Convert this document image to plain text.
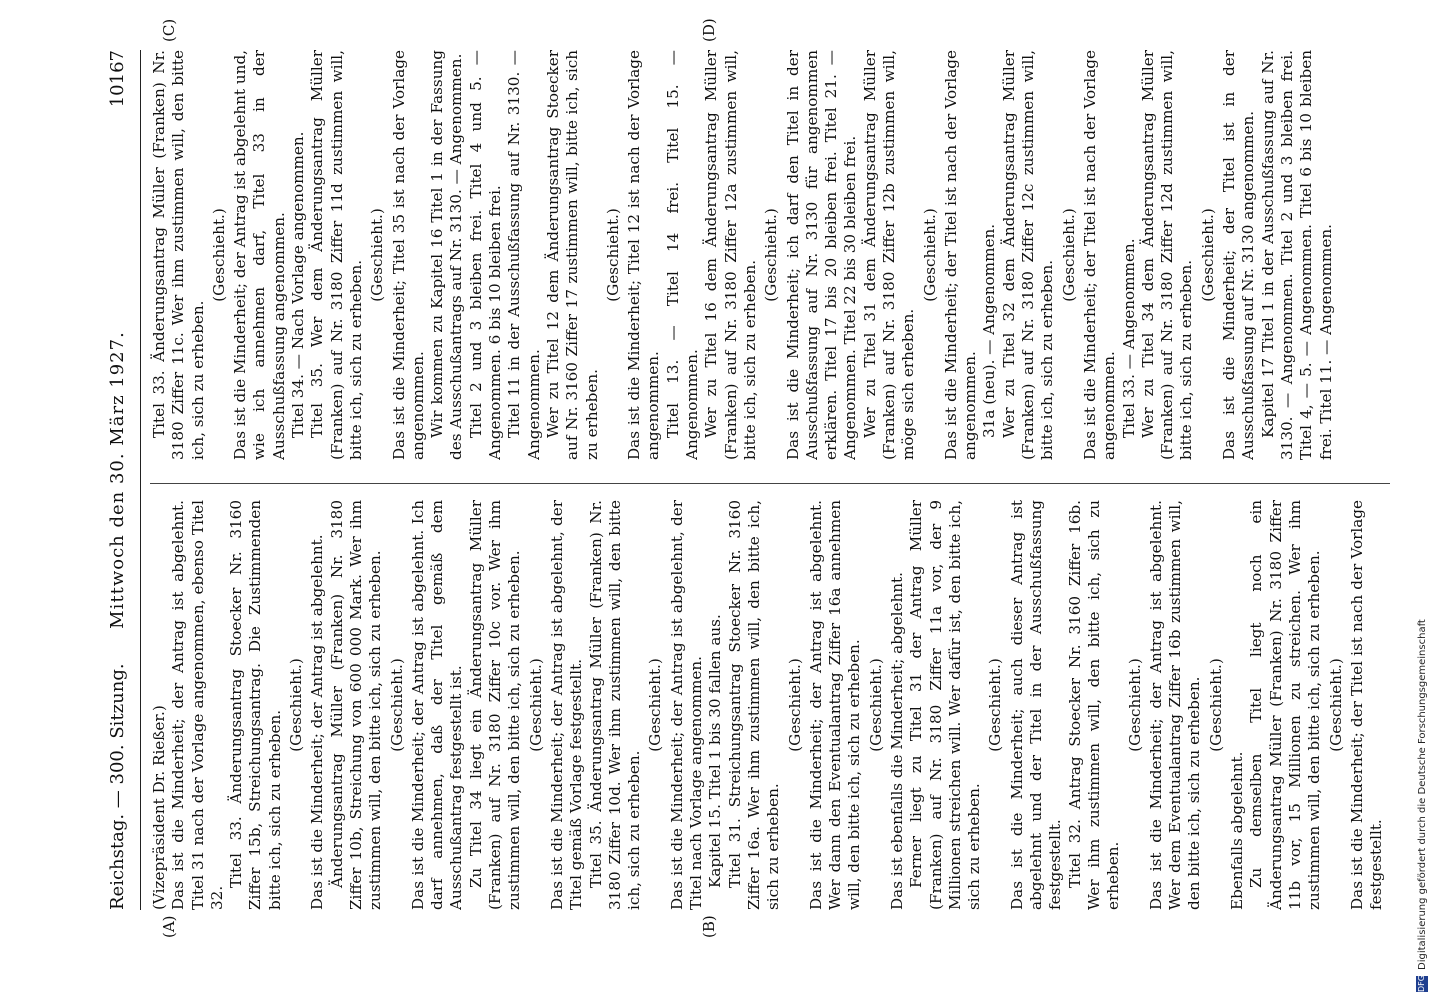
Reichstag. — 300. Sitzung.
Mittwoch den 30. März 1927.
10167
(A)	(B)
(C)	(D)

(Vizepräsident Dr. Rießer.) Das ist die Minderheit; der Antrag ist abgelehnt. Titel 31 nach der Vorlage angenommen, ebenso Titel 32.

Titel 33. Änderungsantrag Stoecker Nr. 3160 Ziffer 15b, Streichungsantrag. Die Zustimmenden bitte ich, sich zu erheben.

(Geschieht.) Das ist die Minderheit; der Antrag ist abgelehnt. Änderungsantrag Müller (Franken) Nr. 3180 Ziffer 10b, Streichung von 600 000 Mark. Wer ihm zustimmen will, den bitte ich, sich zu erheben. (Geschieht.) Das ist die Minderheit; der Antrag ist abgelehnt. Ich darf annehmen, daß der Titel gemäß dem Ausschußantrag festgestellt ist. Zu Titel 34 liegt ein Änderungsantrag Müller (Franken) auf Nr. 3180 Ziffer 10c vor. Wer ihm zustimmen will, den bitte ich, sich zu erheben. (Geschieht.) Das ist die Minderheit; der Antrag ist abgelehnt, der Titel gemäß Vorlage festgestellt. Titel 35. Änderungsantrag Müller (Franken) Nr. 3180 Ziffer 10d. Wer ihm zustimmen will, den bitte ich, sich zu erheben.

(Geschieht.) Das ist die Minderheit; der Antrag ist abgelehnt, der Titel nach Vorlage angenommen. Kapitel 15. Titel 1 bis 30 fallen aus. Titel 31. Streichungsantrag Stoecker Nr. 3160 Ziffer 16a. Wer ihm zustimmen will, den bitte ich, sich zu erheben.

(Geschieht.) Das ist die Minderheit; der Antrag ist abgelehnt. Wer dann den Eventualantrag Ziffer 16a annehmen will, den bitte ich, sich zu erheben. (Geschieht.) Das ist ebenfalls die Minderheit; abgelehnt. Ferner liegt zu Titel 31 der Antrag Müller (Franken) auf Nr. 3180 Ziffer 11a vor, der 9 Millionen streichen will. Wer dafür ist, den bitte ich, sich zu erheben.

(Geschieht.) Das ist die Minderheit; auch dieser Antrag ist abgelehnt und der Titel in der Ausschußfassung festgestellt. Titel 32. Antrag Stoecker Nr. 3160 Ziffer 16b. Wer ihm zustimmen will, den bitte ich, sich zu erheben.

(Geschieht.) Das ist die Minderheit; der Antrag ist abgelehnt. Wer dem Eventualantrag Ziffer 16b zustimmen will, den bitte ich, sich zu erheben. (Geschieht.)

Ebenfalls abgelehnt. Zu demselben Titel liegt noch ein Änderungsantrag Müller (Franken) Nr. 3180 Ziffer 11b vor, 15 Millionen zu streichen. Wer ihm zustimmen will, den bitte ich, sich zu erheben. (Geschieht.) Das ist die Minderheit; der Titel ist nach der Vorlage festgestellt.

Titel 33. Änderungsantrag Müller (Franken) Nr. 3180 Ziffer 11c. Wer ihm zustimmen will, den bitte ich, sich zu erheben.

(Geschieht.) Das ist die Minderheit; der Antrag ist abgelehnt und, wie ich annehmen darf, Titel 33 in der Ausschußfassung angenommen. Titel 34. — Nach Vorlage angenommen. Titel 35. Wer dem Änderungsantrag Müller (Franken) auf Nr. 3180 Ziffer 11d zustimmen will, bitte ich, sich zu erheben.

(Geschieht.) Das ist die Minderheit; Titel 35 ist nach der Vorlage angenommen. Wir kommen zu Kapitel 16 Titel 1 in der Fassung des Ausschußantrags auf Nr. 3130. — Angenommen. Titel 2 und 3 bleiben frei. Titel 4 und 5. — Angenommen. 6 bis 10 bleiben frei. Titel 11 in der Ausschußfassung auf Nr. 3130. — Angenommen. Wer zu Titel 12 dem Änderungsantrag Stoecker auf Nr. 3160 Ziffer 17 zustimmen will, bitte ich, sich zu erheben.

(Geschieht.) Das ist die Minderheit; Titel 12 ist nach der Vorlage angenommen. Titel 13. — Titel 14 frei. Titel 15. — Angenommen. Wer zu Titel 16 dem Änderungsantrag Müller (Franken) auf Nr. 3180 Ziffer 12a zustimmen will, bitte ich, sich zu erheben.

(Geschieht.) Das ist die Minderheit; ich darf den Titel in der Ausschußfassung auf Nr. 3130 für angenommen erklären. Titel 17 bis 20 bleiben frei. Titel 21. — Angenommen. Titel 22 bis 30 bleiben frei. Wer zu Titel 31 dem Änderungsantrag Müller (Franken) auf Nr. 3180 Ziffer 12b zustimmen will, möge sich erheben.

(Geschieht.) Das ist die Minderheit; der Titel ist nach der Vorlage angenommen. 31a (neu). — Angenommen. Wer zu Titel 32 dem Änderungsantrag Müller (Franken) auf Nr. 3180 Ziffer 12c zustimmen will, bitte ich, sich zu erheben.

(Geschieht.) Das ist die Minderheit; der Titel ist nach der Vorlage angenommen. Titel 33. — Angenommen. Wer zu Titel 34 dem Änderungsantrag Müller (Franken) auf Nr. 3180 Ziffer 12d zustimmen will, bitte ich, sich zu erheben.

(Geschieht.) Das ist die Minderheit; der Titel ist in der Ausschußfassung auf Nr. 3130 angenommen. Kapitel 17 Titel 1 in der Ausschußfassung auf Nr. 3130. — Angenommen. Titel 2 und 3 bleiben frei. Titel 4, — 5. — Angenommen. Titel 6 bis 10 bleiben frei. Titel 11. — Angenommen.

DFGDigitalisierung gefördert durch die Deutsche Forschungsgemeinschaft
